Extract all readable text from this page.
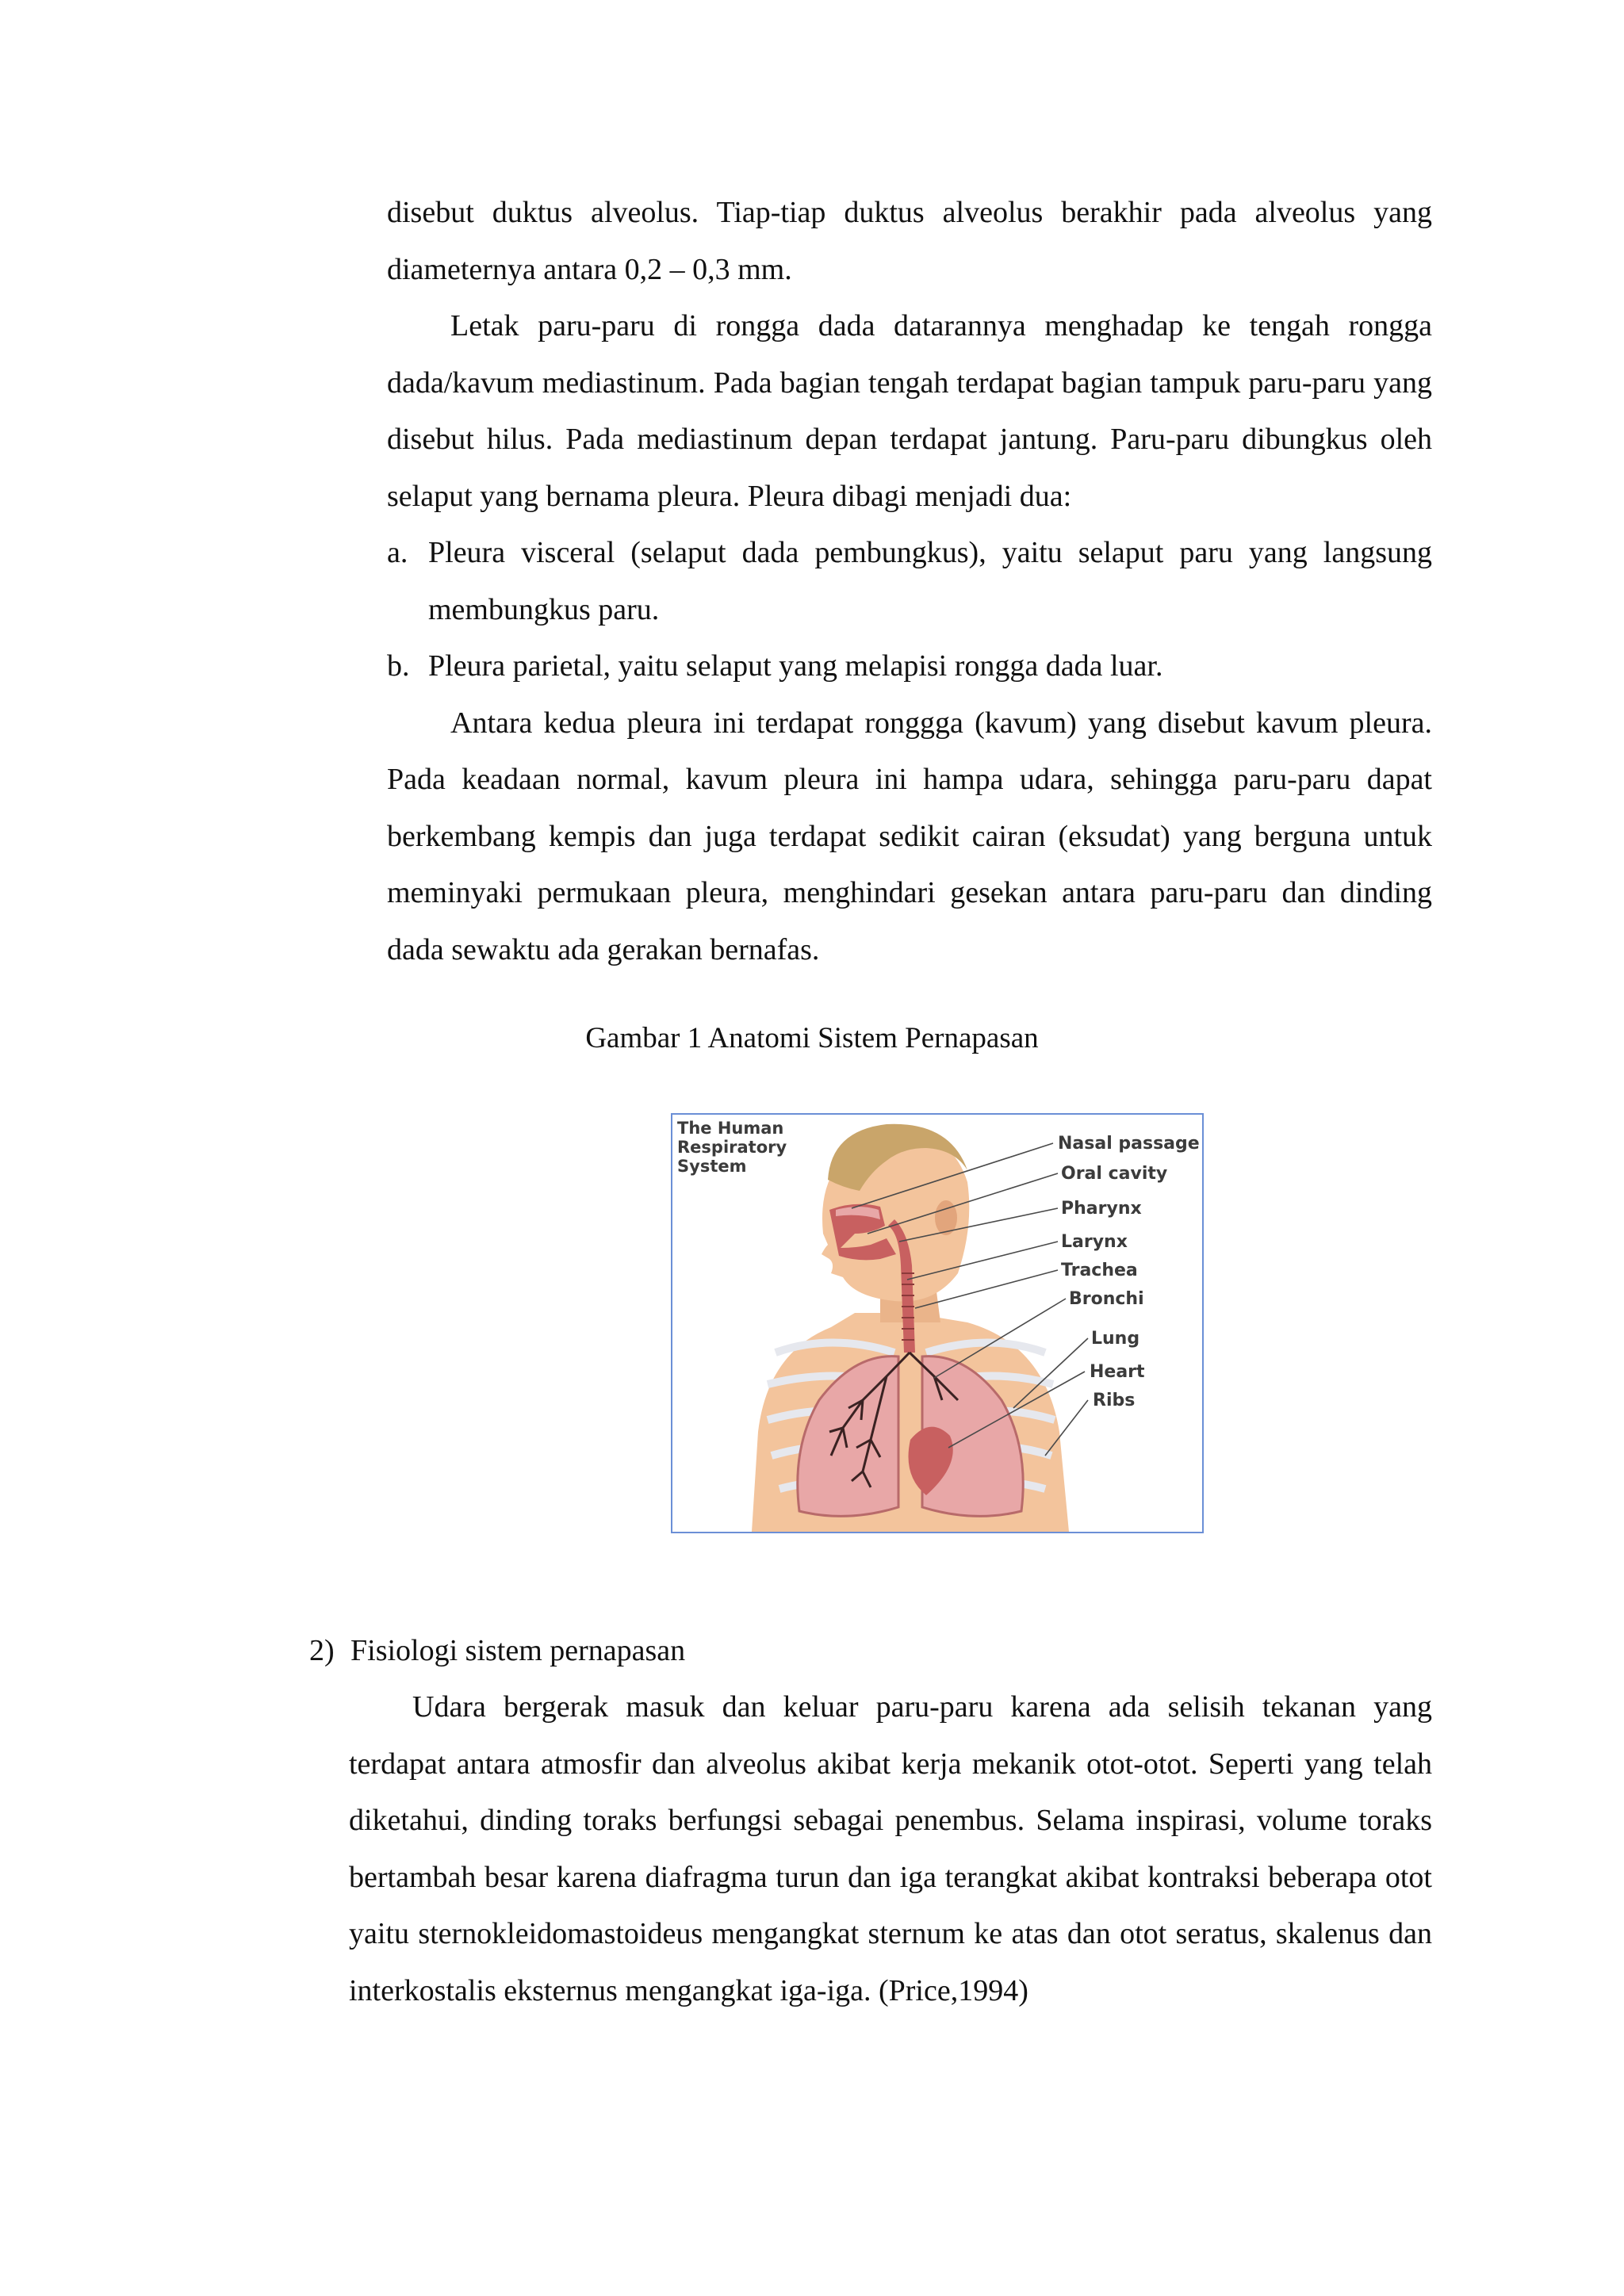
disebut duktus alveolus. Tiap-tiap duktus alveolus berakhir pada alveolus yang
diameternya antara 0,2 – 0,3 mm.

Letak paru-paru di rongga dada datarannya menghadap ke tengah rongga dada/kavum mediastinum. Pada bagian tengah terdapat bagian tampuk paru-paru yang disebut hilus. Pada mediastinum depan terdapat jantung. Paru-paru dibungkus oleh selaput yang bernama pleura. Pleura dibagi menjadi dua:

a. Pleura visceral (selaput dada pembungkus), yaitu selaput paru yang langsung membungkus paru.
b. Pleura parietal, yaitu selaput yang melapisi rongga dada luar.

Antara kedua pleura ini terdapat ronggga (kavum) yang disebut kavum pleura. Pada keadaan normal, kavum pleura ini hampa udara, sehingga paru-paru dapat berkembang kempis dan juga terdapat sedikit cairan (eksudat) yang berguna untuk meminyaki permukaan pleura, menghindari gesekan antara paru-paru dan dinding dada sewaktu ada gerakan bernafas.

Gambar 1 Anatomi Sistem Pernapasan
The Human
Respiratory
System
Nasal passage
Oral cavity
Pharynx
Larynx
Trachea
Bronchi
Lung
Heart
Ribs
2) Fisiologi sistem pernapasan

Udara bergerak masuk dan keluar paru-paru karena ada selisih tekanan yang terdapat antara atmosfir dan alveolus akibat kerja mekanik otot-otot. Seperti yang telah diketahui, dinding toraks berfungsi sebagai penembus. Selama inspirasi, volume toraks bertambah besar karena diafragma turun dan iga terangkat akibat kontraksi beberapa otot yaitu sternokleidomastoideus mengangkat sternum ke atas dan otot seratus, skalenus dan interkostalis eksternus mengangkat iga-iga. (Price,1994)
